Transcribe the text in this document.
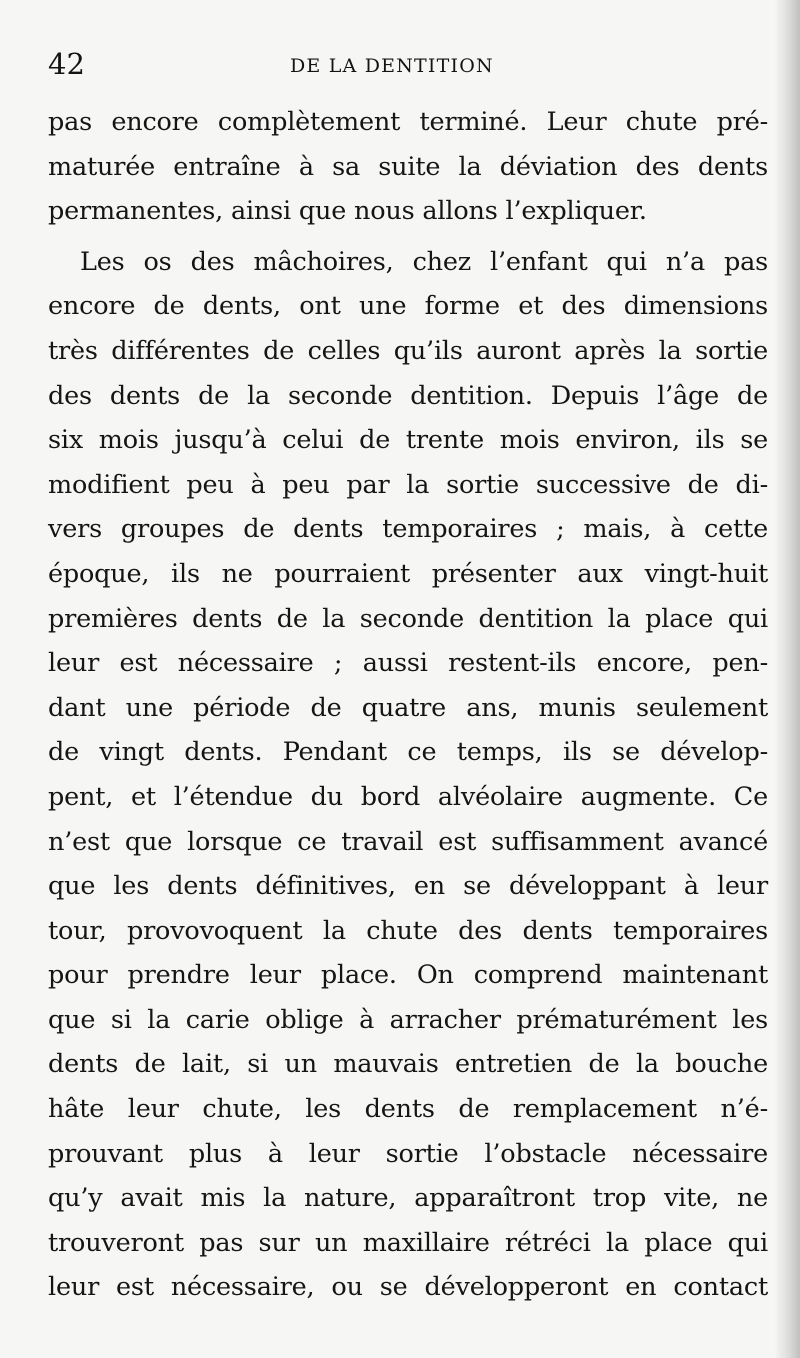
42	DE LA DENTITION
pas encore complètement terminé. Leur chute pré-
maturée entraîne à sa suite la déviation des dents
permanentes, ainsi que nous allons l’expliquer.
Les os des mâchoires, chez l’enfant qui n’a pas
encore de dents, ont une forme et des dimensions
très différentes de celles qu’ils auront après la sortie
des dents de la seconde dentition. Depuis l’âge de
six mois jusqu’à celui de trente mois environ, ils se
modifient peu à peu par la sortie successive de di-
vers groupes de dents temporaires ; mais, à cette
époque, ils ne pourraient présenter aux vingt-huit
premières dents de la seconde dentition la place qui
leur est nécessaire ; aussi restent-ils encore, pen-
dant une période de quatre ans, munis seulement
de vingt dents. Pendant ce temps, ils se dévelop-
pent, et l’étendue du bord alvéolaire augmente. Ce
n’est que lorsque ce travail est suffisamment avancé
que les dents définitives, en se développant à leur
tour, provovoquent la chute des dents temporaires
pour prendre leur place. On comprend maintenant
que si la carie oblige à arracher prématurément les
dents de lait, si un mauvais entretien de la bouche
hâte leur chute, les dents de remplacement n’é-
prouvant plus à leur sortie l’obstacle nécessaire
qu’y avait mis la nature, apparaîtront trop vite, ne
trouveront pas sur un maxillaire rétréci la place qui
leur est nécessaire, ou se développeront en contact
